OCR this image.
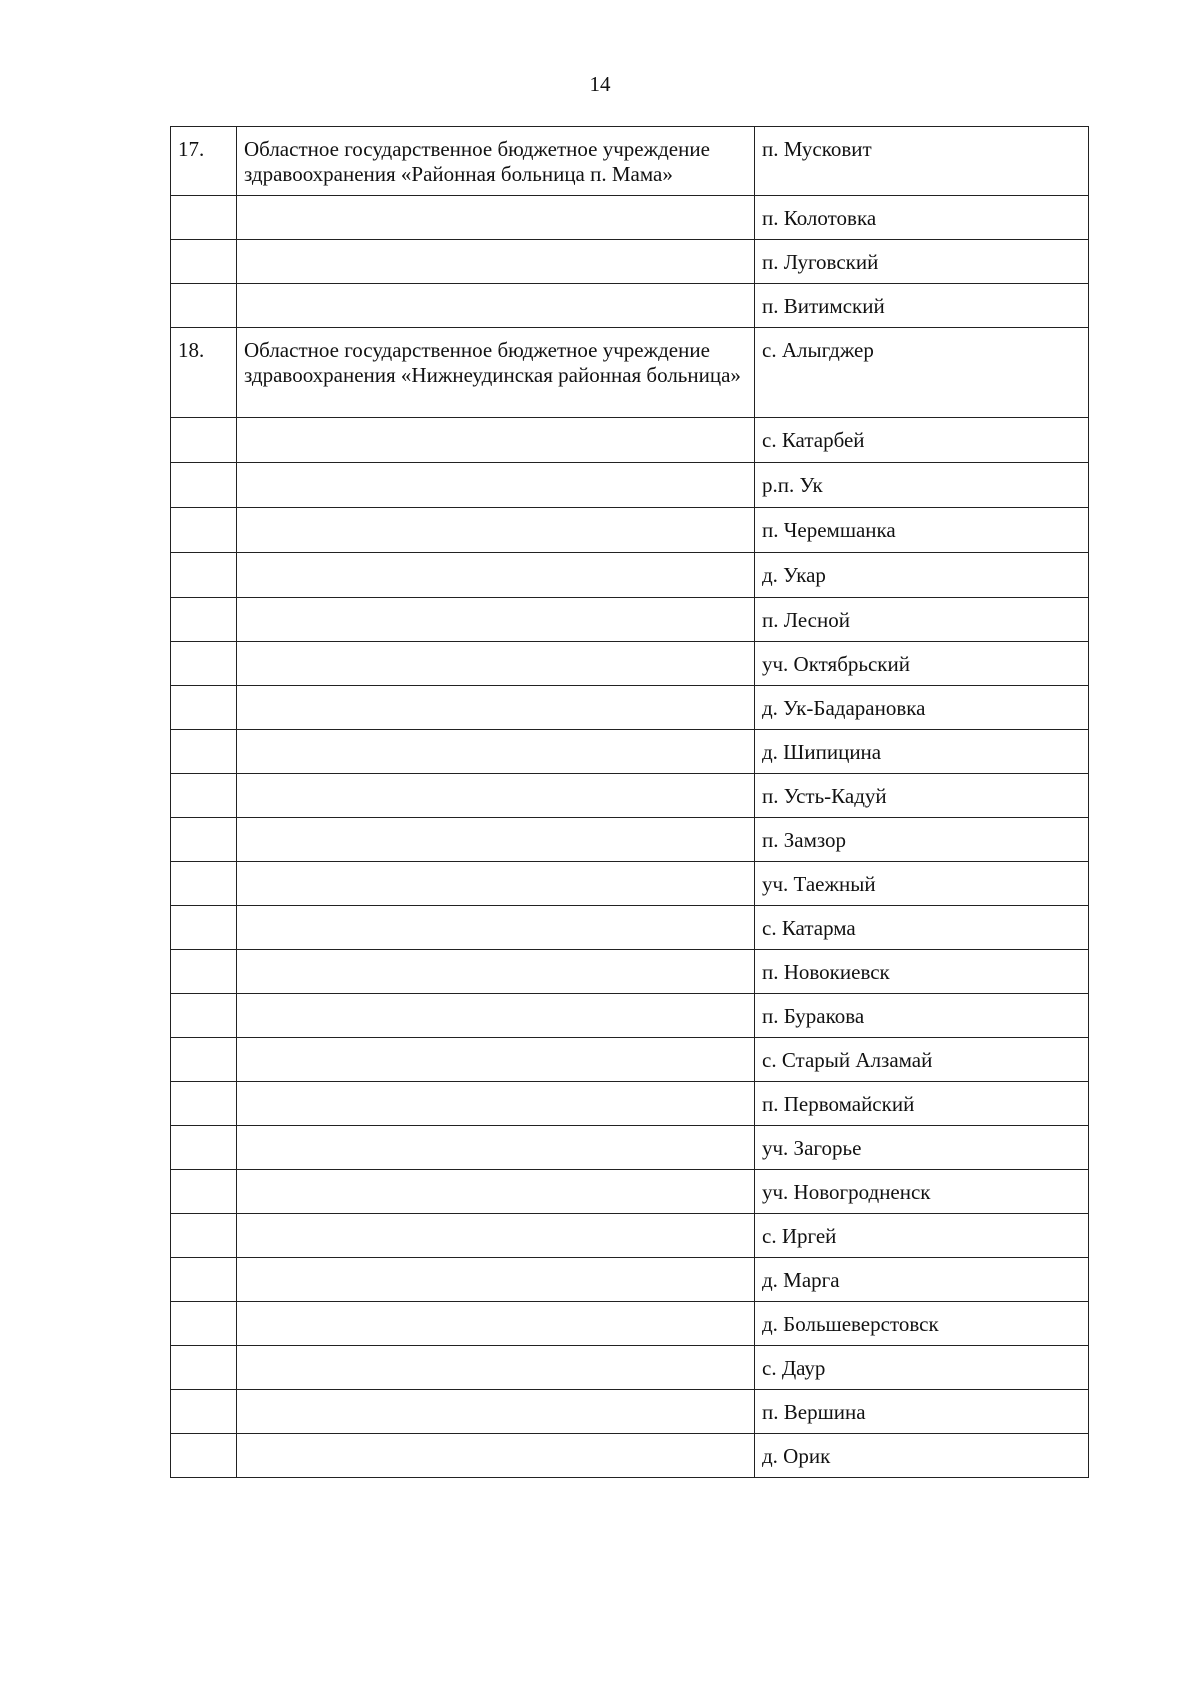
14
17.	Областное государственное бюджетное учреждение здравоохранения «Районная больница п. Мама»	п. Мусковит
		п. Колотовка
		п. Луговский
		п. Витимский
18.	Областное государственное бюджетное учреждение здравоохранения «Нижнеудинская районная больница»	с. Алыгджер
		с. Катарбей
		р.п. Ук
		п. Черемшанка
		д. Укар
		п. Лесной
		уч. Октябрьский
		д. Ук-Бадарановка
		д. Шипицина
		п. Усть-Кадуй
		п. Замзор
		уч. Таежный
		с. Катарма
		п. Новокиевск
		п. Буракова
		с. Старый Алзамай
		п. Первомайский
		уч. Загорье
		уч. Новогродненск
		с. Иргей
		д. Марга
		д. Большеверстовск
		с. Даур
		п. Вершина
		д. Орик
